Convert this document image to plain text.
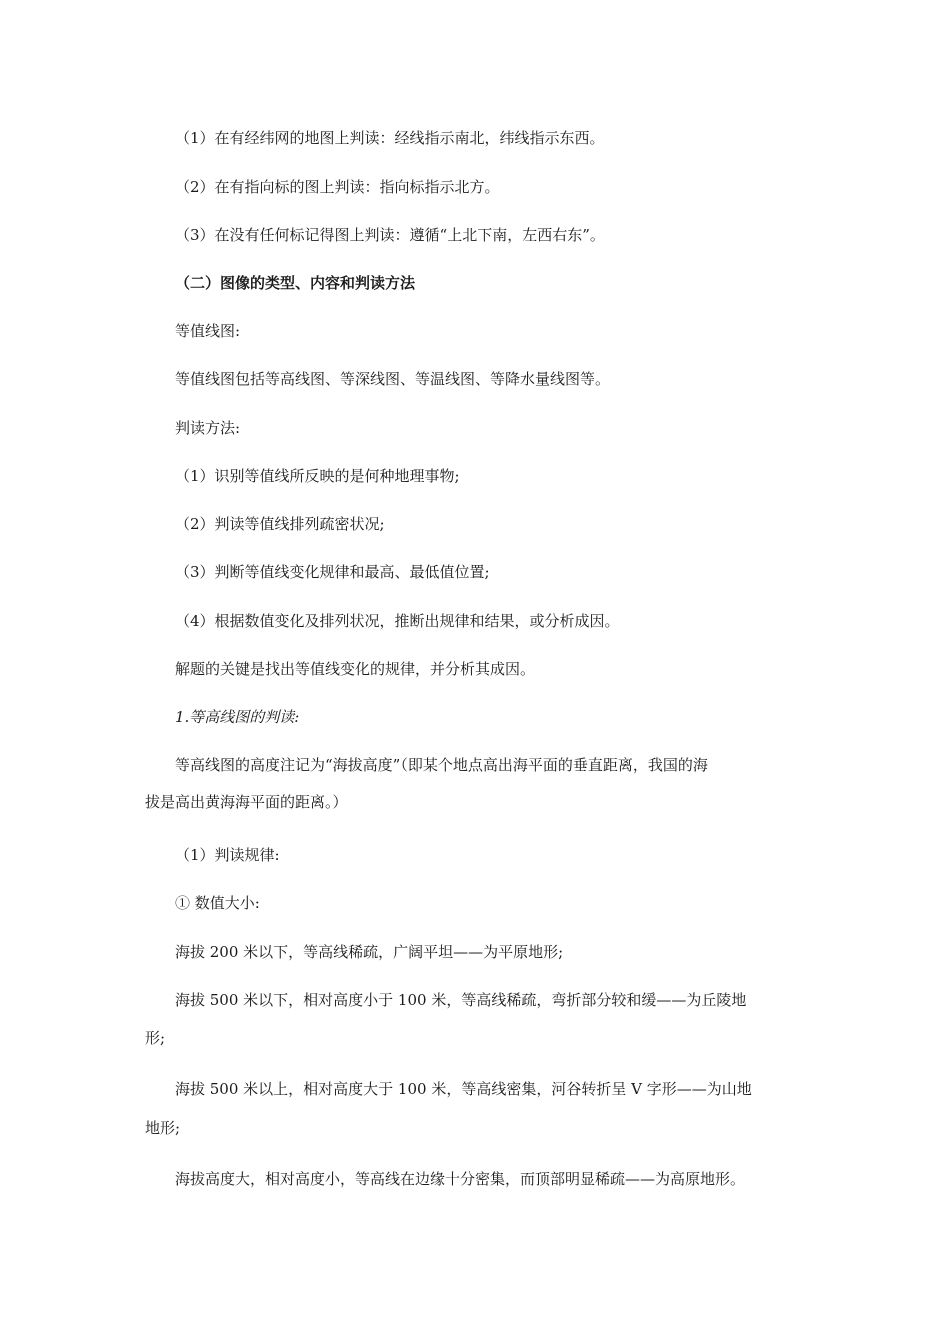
（1）在有经纬网的地图上判读：经线指示南北，纬线指示东西。
（2）在有指向标的图上判读：指向标指示北方。
（3）在没有任何标记得图上判读：遵循“上北下南，左西右东”。
（二）图像的类型、内容和判读方法
等值线图:
等值线图包括等高线图、等深线图、等温线图、等降水量线图等。
判读方法:
（1）识别等值线所反映的是何种地理事物;
（2）判读等值线排列疏密状况;
（3）判断等值线变化规律和最高、最低值位置;
（4）根据数值变化及排列状况，推断出规律和结果，或分析成因。
解题的关键是找出等值线变化的规律，并分析其成因。
1.等高线图的判读:
等高线图的高度注记为“海拔高度”（即某个地点高出海平面的垂直距离，我国的海
拔是高出黄海海平面的距离。）
（1）判读规律:
① 数值大小:
海拔 200 米以下，等高线稀疏，广阔平坦——为平原地形;
海拔 500 米以下，相对高度小于 100 米，等高线稀疏，弯折部分较和缓——为丘陵地
形;
海拔 500 米以上，相对高度大于 100 米，等高线密集，河谷转折呈 V 字形——为山地
地形;
海拔高度大，相对高度小，等高线在边缘十分密集，而顶部明显稀疏——为高原地形。
